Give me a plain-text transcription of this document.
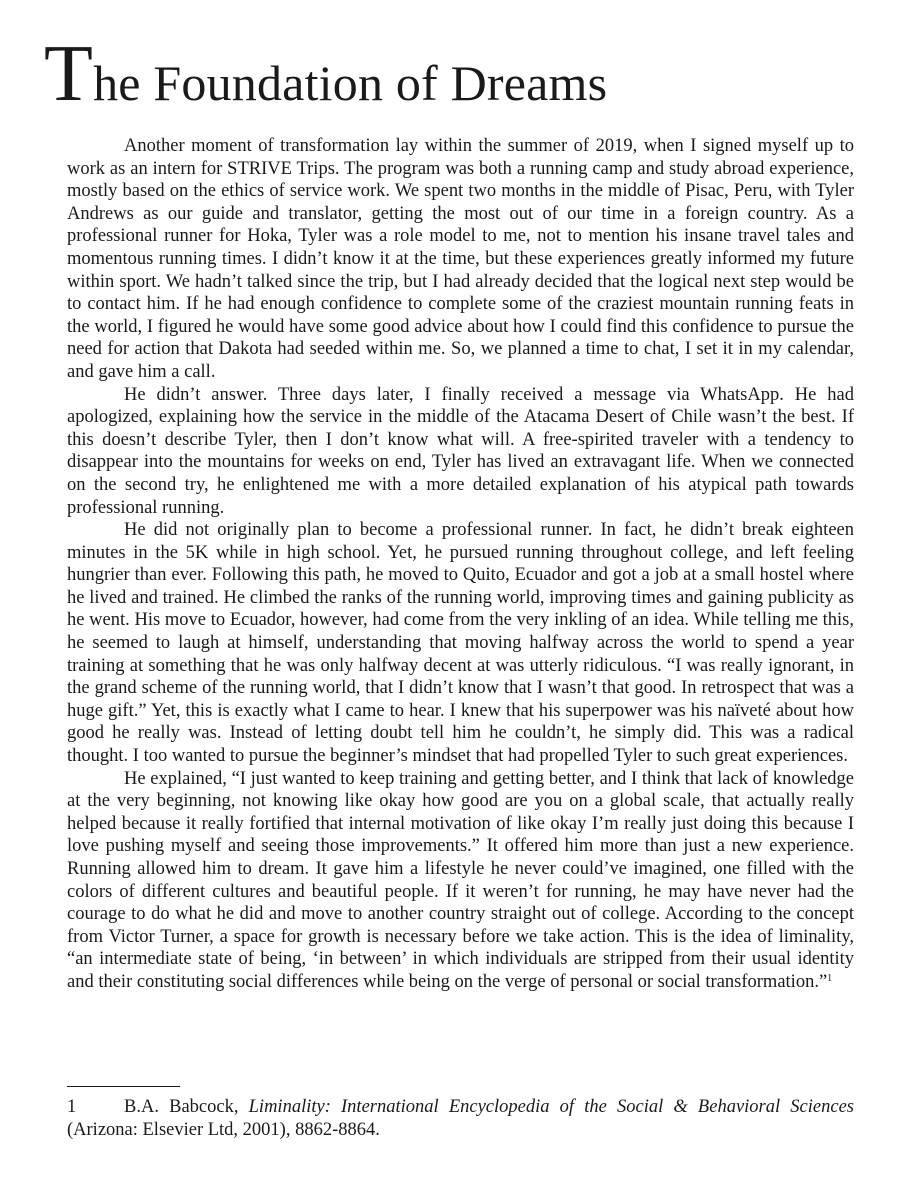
The Foundation of Dreams

Another moment of transformation lay within the summer of 2019, when I signed myself up to work as an intern for STRIVE Trips. The program was both a running camp and study abroad experience, mostly based on the ethics of service work. We spent two months in the middle of Pisac, Peru, with Tyler Andrews as our guide and translator, getting the most out of our time in a foreign country. As a professional runner for Hoka, Tyler was a role model to me, not to mention his insane travel tales and momentous running times. I didn’t know it at the time, but these experiences greatly informed my future within sport. We hadn’t talked since the trip, but I had already decided that the logical next step would be to contact him. If he had enough confidence to complete some of the craziest mountain running feats in the world, I figured he would have some good advice about how I could find this confidence to pursue the need for action that Dakota had seeded within me. So, we planned a time to chat, I set it in my calendar, and gave him a call.

He didn’t answer. Three days later, I finally received a message via WhatsApp. He had apologized, explaining how the service in the middle of the Atacama Desert of Chile wasn’t the best. If this doesn’t describe Tyler, then I don’t know what will. A free-spirited traveler with a tendency to disappear into the mountains for weeks on end, Tyler has lived an extravagant life. When we connected on the second try, he enlightened me with a more detailed explanation of his atypical path towards professional running.

He did not originally plan to become a professional runner. In fact, he didn’t break eighteen minutes in the 5K while in high school. Yet, he pursued running throughout college, and left feeling hungrier than ever. Following this path, he moved to Quito, Ecuador and got a job at a small hostel where he lived and trained. He climbed the ranks of the running world, improving times and gaining publicity as he went. His move to Ecuador, however, had come from the very inkling of an idea. While telling me this, he seemed to laugh at himself, understanding that moving halfway across the world to spend a year training at something that he was only halfway decent at was utterly ridiculous. “I was really ignorant, in the grand scheme of the running world, that I didn’t know that I wasn’t that good. In retrospect that was a huge gift.” Yet, this is exactly what I came to hear. I knew that his superpower was his naïveté about how good he really was. Instead of letting doubt tell him he couldn’t, he simply did. This was a radical thought. I too wanted to pursue the beginner’s mindset that had propelled Tyler to such great experiences.

He explained, “I just wanted to keep training and getting better, and I think that lack of knowledge at the very beginning, not knowing like okay how good are you on a global scale, that actually really helped because it really fortified that internal motivation of like okay I’m really just doing this because I love pushing myself and seeing those improvements.” It offered him more than just a new experience. Running allowed him to dream. It gave him a lifestyle he never could’ve imagined, one filled with the colors of different cultures and beautiful people. If it weren’t for running, he may have never had the courage to do what he did and move to another country straight out of college. According to the concept from Victor Turner, a space for growth is necessary before we take action. This is the idea of liminality, “an intermediate state of being, ‘in between’ in which individuals are stripped from their usual identity and their constituting social differences while being on the verge of personal or social transformation.”$^1$

1	B.A. Babcock, Liminality: International Encyclopedia of the Social & Behavioral Sciences (Arizona: Elsevier Ltd, 2001), 8862-8864.
